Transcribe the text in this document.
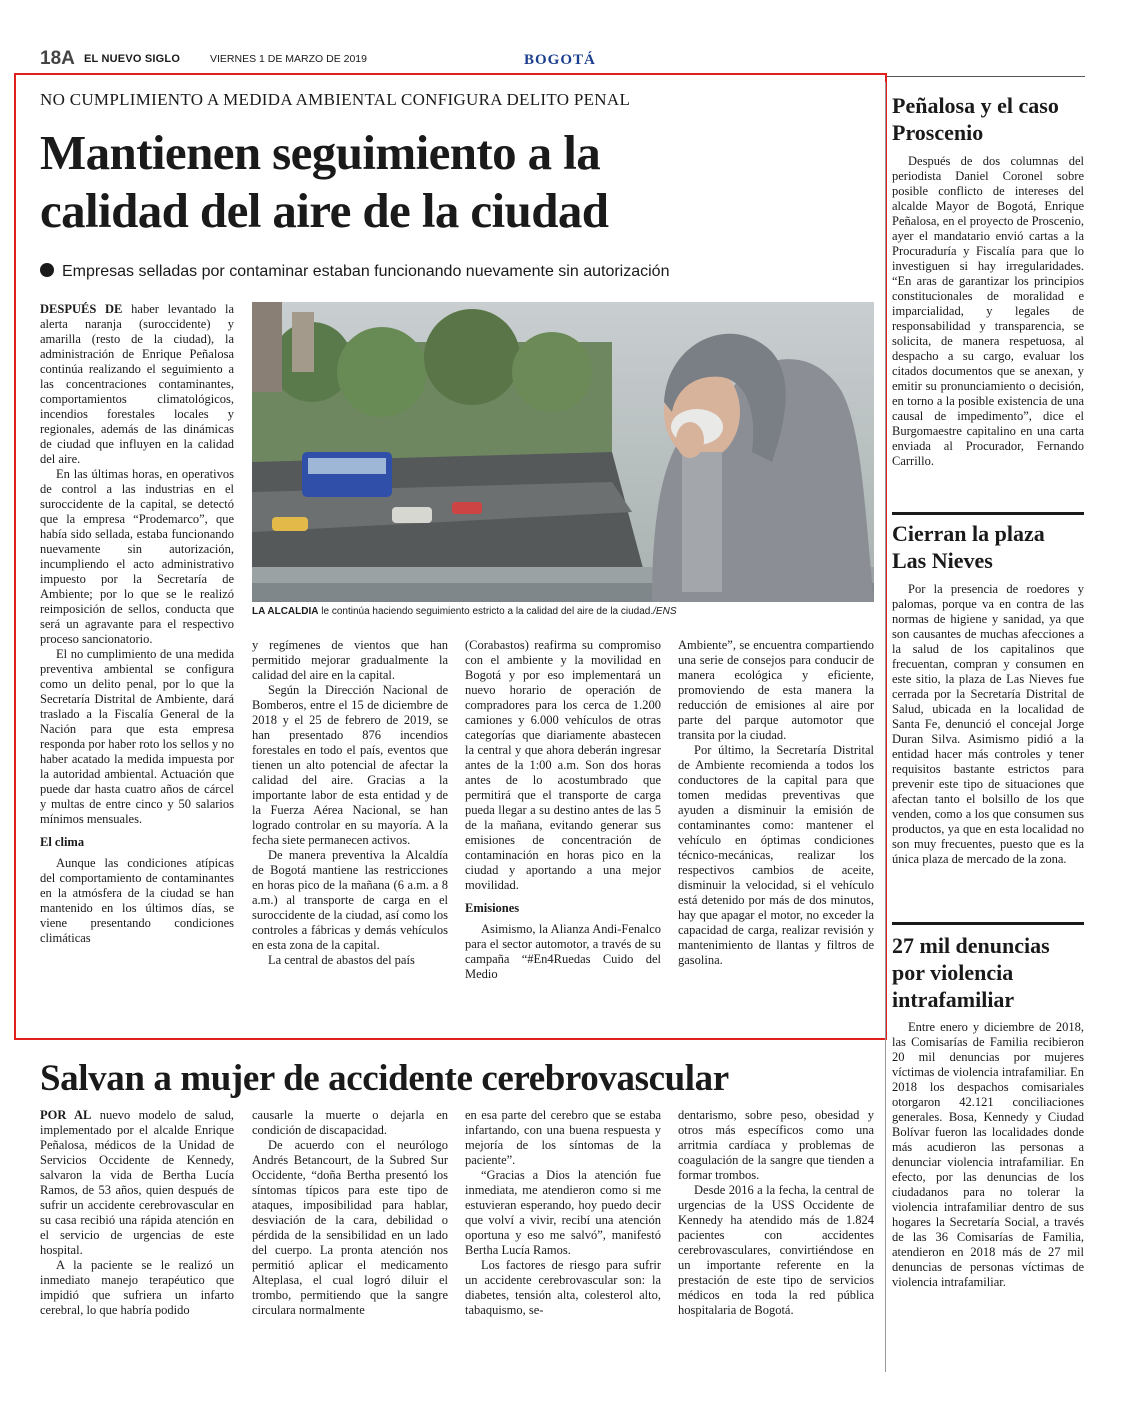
18A EL NUEVO SIGLO	VIERNES 1 DE MARZO DE 2019	BOGOTÁ
NO CUMPLIMIENTO A MEDIDA AMBIENTAL CONFIGURA DELITO PENAL
Mantienen seguimiento a la
calidad del aire de la ciudad
Empresas selladas por contaminar estaban funcionando nuevamente sin autorización

DESPUÉS DE haber levantado la alerta naranja (suroccidente) y amarilla (resto de la ciudad), la administración de Enrique Peñalosa continúa realizando el seguimiento a las concentraciones contaminantes, comportamientos climatológicos, incendios forestales locales y regionales, además de las dinámicas de ciudad que influyen en la calidad del aire.

En las últimas horas, en operativos de control a las industrias en el suroccidente de la capital, se detectó que la empresa “Prodemarco”, que había sido sellada, estaba funcionando nuevamente sin autorización, incumpliendo el acto administrativo impuesto por la Secretaría de Ambiente; por lo que se le realizó reimposición de sellos, conducta que será un agravante para el respectivo proceso sancionatorio.

El no cumplimiento de una medida preventiva ambiental se configura como un delito penal, por lo que la Secretaría Distrital de Ambiente, dará traslado a la Fiscalía General de la Nación para que esta empresa responda por haber roto los sellos y no haber acatado la medida impuesta por la autoridad ambiental. Actuación que puede dar hasta cuatro años de cárcel y multas de entre cinco y 50 salarios mínimos mensuales.

El clima

Aunque las condiciones atípicas del comportamiento de contaminantes en la atmósfera de la ciudad se han mantenido en los últimos días, se viene presentando condiciones climáticas

LA ALCALDIA le continúa haciendo seguimiento estricto a la calidad del aire de la ciudad./ENS

y regímenes de vientos que han permitido mejorar gradualmente la calidad del aire en la capital.

Según la Dirección Nacional de Bomberos, entre el 15 de diciembre de 2018 y el 25 de febrero de 2019, se han presentado 876 incendios forestales en todo el país, eventos que tienen un alto potencial de afectar la calidad del aire. Gracias a la importante labor de esta entidad y de la Fuerza Aérea Nacional, se han logrado controlar en su mayoría. A la fecha siete permanecen activos.

De manera preventiva la Alcaldía de Bogotá mantiene las restricciones en horas pico de la mañana (6 a.m. a 8 a.m.) al transporte de carga en el suroccidente de la ciudad, así como los controles a fábricas y demás vehículos en esta zona de la capital.

La central de abastos del país

(Corabastos) reafirma su compromiso con el ambiente y la movilidad en Bogotá y por eso implementará un nuevo horario de operación de compradores para los cerca de 1.200 camiones y 6.000 vehículos de otras categorías que diariamente abastecen la central y que ahora deberán ingresar antes de la 1:00 a.m. Son dos horas antes de lo acostumbrado que permitirá que el transporte de carga pueda llegar a su destino antes de las 5 de la mañana, evitando generar sus emisiones de concentración de contaminación en horas pico en la ciudad y aportando a una mejor movilidad.

Emisiones

Asimismo, la Alianza Andi-Fenalco para el sector automotor, a través de su campaña “#En4Ruedas Cuido del Medio

Ambiente”, se encuentra compartiendo una serie de consejos para conducir de manera ecológica y eficiente, promoviendo de esta manera la reducción de emisiones al aire por parte del parque automotor que transita por la ciudad.

Por último, la Secretaría Distrital de Ambiente recomienda a todos los conductores de la capital para que tomen medidas preventivas que ayuden a disminuir la emisión de contaminantes como: mantener el vehículo en óptimas condiciones técnico-mecánicas, realizar los respectivos cambios de aceite, disminuir la velocidad, si el vehículo está detenido por más de dos minutos, hay que apagar el motor, no exceder la capacidad de carga, realizar revisión y mantenimiento de llantas y filtros de gasolina.

Peñalosa y el caso Proscenio

Después de dos columnas del periodista Daniel Coronel sobre posible conflicto de intereses del alcalde Mayor de Bogotá, Enrique Peñalosa, en el proyecto de Proscenio, ayer el mandatario envió cartas a la Procuraduría y Fiscalía para que lo investiguen si hay irregularidades. “En aras de garantizar los principios constitucionales de moralidad e imparcialidad, y legales de responsabilidad y transparencia, se solicita, de manera respetuosa, al despacho a su cargo, evaluar los citados documentos que se anexan, y emitir su pronunciamiento o decisión, en torno a la posible existencia de una causal de impedimento”, dice el Burgomaestre capitalino en una carta enviada al Procurador, Fernando Carrillo.

Cierran la plaza Las Nieves

Por la presencia de roedores y palomas, porque va en contra de las normas de higiene y sanidad, ya que son causantes de muchas afecciones a la salud de los capitalinos que frecuentan, compran y consumen en este sitio, la plaza de Las Nieves fue cerrada por la Secretaría Distrital de Salud, ubicada en la localidad de Santa Fe, denunció el concejal Jorge Duran Silva. Asimismo pidió a la entidad hacer más controles y tener requisitos bastante estrictos para prevenir este tipo de situaciones que afectan tanto el bolsillo de los que venden, como a los que consumen sus productos, ya que en esta localidad no son muy frecuentes, puesto que es la única plaza de mercado de la zona.

27 mil denuncias por violencia intrafamiliar

Entre enero y diciembre de 2018, las Comisarías de Familia recibieron 20 mil denuncias por mujeres víctimas de violencia intrafamiliar. En 2018 los despachos comisariales otorgaron 42.121 conciliaciones generales. Bosa, Kennedy y Ciudad Bolívar fueron las localidades donde más acudieron las personas a denunciar violencia intrafamiliar. En efecto, por las denuncias de los ciudadanos para no tolerar la violencia intrafamiliar dentro de sus hogares la Secretaría Social, a través de las 36 Comisarías de Familia, atendieron en 2018 más de 27 mil denuncias de personas víctimas de violencia intrafamiliar.

Salvan a mujer de accidente cerebrovascular

POR AL nuevo modelo de salud, implementado por el alcalde Enrique Peñalosa, médicos de la Unidad de Servicios Occidente de Kennedy, salvaron la vida de Bertha Lucía Ramos, de 53 años, quien después de sufrir un accidente cerebrovascular en su casa recibió una rápida atención en el servicio de urgencias de este hospital.

A la paciente se le realizó un inmediato manejo terapéutico que impidió que sufriera un infarto cerebral, lo que habría podido

causarle la muerte o dejarla en condición de discapacidad.

De acuerdo con el neurólogo Andrés Betancourt, de la Subred Sur Occidente, “doña Bertha presentó los síntomas típicos para este tipo de ataques, imposibilidad para hablar, desviación de la cara, debilidad o pérdida de la sensibilidad en un lado del cuerpo. La pronta atención nos permitió aplicar el medicamento Alteplasa, el cual logró diluir el trombo, permitiendo que la sangre circulara normalmente

en esa parte del cerebro que se estaba infartando, con una buena respuesta y mejoría de los síntomas de la paciente”.

“Gracias a Dios la atención fue inmediata, me atendieron como si me estuvieran esperando, hoy puedo decir que volví a vivir, recibí una atención oportuna y eso me salvó”, manifestó Bertha Lucía Ramos.

Los factores de riesgo para sufrir un accidente cerebrovascular son: la diabetes, tensión alta, colesterol alto, tabaquismo, se-

dentarismo, sobre peso, obesidad y otros más específicos como una arritmia cardíaca y problemas de coagulación de la sangre que tienden a formar trombos.

Desde 2016 a la fecha, la central de urgencias de la USS Occidente de Kennedy ha atendido más de 1.824 pacientes con accidentes cerebrovasculares, convirtiéndose en un importante referente en la prestación de este tipo de servicios médicos en toda la red pública hospitalaria de Bogotá.
